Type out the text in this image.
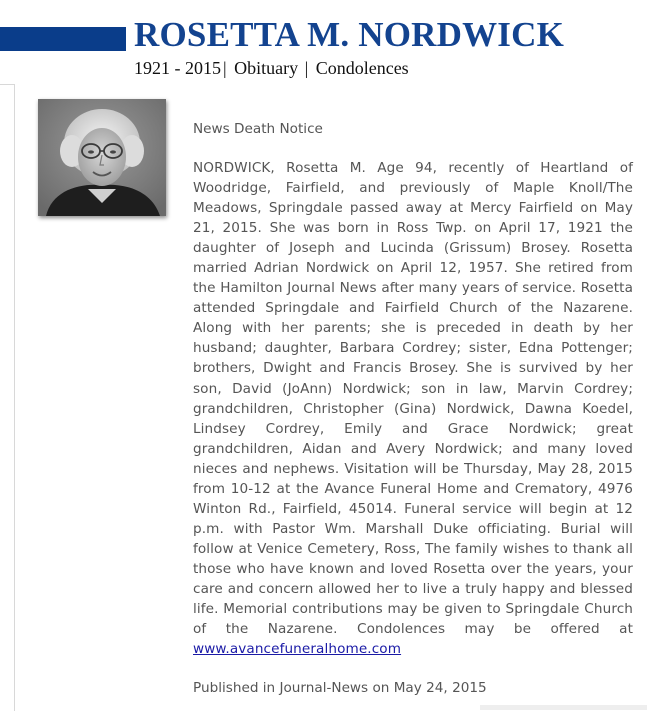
ROSETTA M. NORDWICK
1921 - 2015 | Obituary | Condolences
News Death Notice

NORDWICK, Rosetta M. Age 94, recently of Heartland of Woodridge, Fairfield, and previously of Maple Knoll/The Meadows, Springdale passed away at Mercy Fairfield on May 21, 2015. She was born in Ross Twp. on April 17, 1921 the daughter of Joseph and Lucinda (Grissum) Brosey. Rosetta married Adrian Nordwick on April 12, 1957. She retired from the Hamilton Journal News after many years of service. Rosetta attended Springdale and Fairfield Church of the Nazarene. Along with her parents; she is preceded in death by her husband; daughter, Barbara Cordrey; sister, Edna Pottenger; brothers, Dwight and Francis Brosey. She is survived by her son, David (JoAnn) Nordwick; son in law, Marvin Cordrey; grandchildren, Christopher (Gina) Nordwick, Dawna Koedel, Lindsey Cordrey, Emily and Grace Nordwick; great grandchildren, Aidan and Avery Nordwick; and many loved nieces and nephews. Visitation will be Thursday, May 28, 2015 from 10-12 at the Avance Funeral Home and Crematory, 4976 Winton Rd., Fairfield, 45014. Funeral service will begin at 12 p.m. with Pastor Wm. Marshall Duke officiating. Burial will follow at Venice Cemetery, Ross, The family wishes to thank all those who have known and loved Rosetta over the years, your care and concern allowed her to live a truly happy and blessed life. Memorial contributions may be given to Springdale Church of the Nazarene. Condolences may be offered at www.avancefuneralhome.com

Published in Journal-News on May 24, 2015
